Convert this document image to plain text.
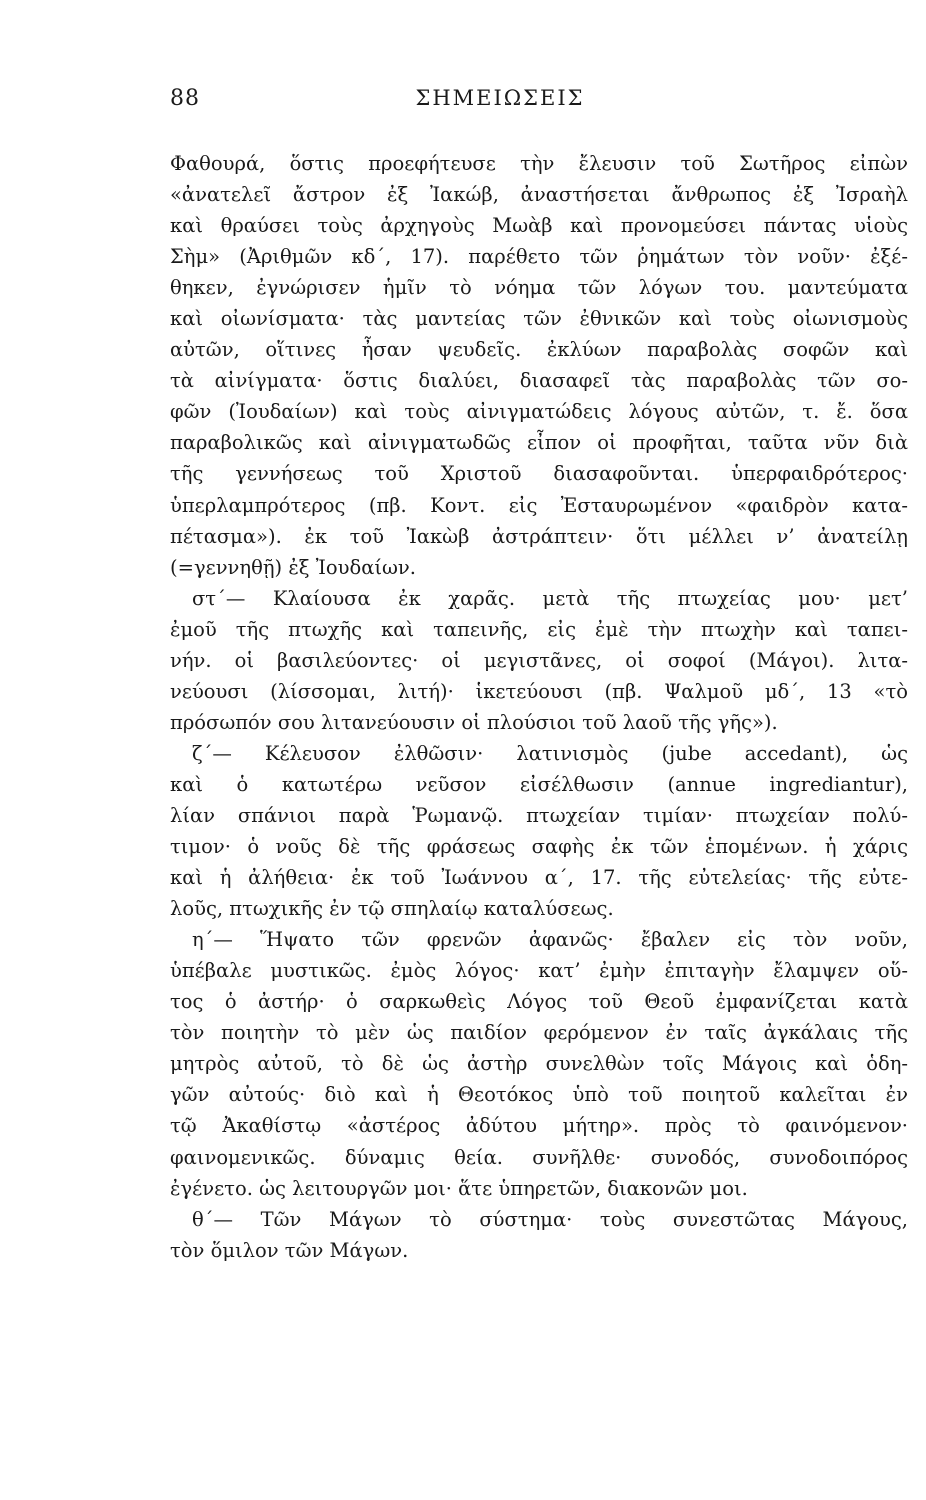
88	ΣΗΜΕΙΩΣΕΙΣ
Φαθουρά, ὅστις προεφήτευσε τὴν ἔλευσιν τοῦ Σωτῆρος εἰπὼν
«ἀνατελεῖ ἄστρον ἐξ Ἰακώβ, ἀναστήσεται ἄνθρωπος ἐξ Ἰσραὴλ
καὶ θραύσει τοὺς ἀρχηγοὺς Μωὰβ καὶ προνομεύσει πάντας υἱοὺς
Σὴμ» (Ἀριθμῶν κδ΄, 17). παρέθετο τῶν ῥημάτων τὸν νοῦν· ἐξέ-
θηκεν, ἐγνώρισεν ἡμῖν τὸ νόημα τῶν λόγων του. μαντεύματα
καὶ οἰωνίσματα· τὰς μαντείας τῶν ἐθνικῶν καὶ τοὺς οἰωνισμοὺς
αὐτῶν, οἵτινες ἦσαν ψευδεῖς. ἐκλύων παραβολὰς σοφῶν καὶ
τὰ αἰνίγματα· ὅστις διαλύει, διασαφεῖ τὰς παραβολὰς τῶν σο-
φῶν (Ἰουδαίων) καὶ τοὺς αἰνιγματώδεις λόγους αὐτῶν, τ. ἔ. ὅσα
παραβολικῶς καὶ αἰνιγματωδῶς εἶπον οἱ προφῆται, ταῦτα νῦν διὰ
τῆς γεννήσεως τοῦ Χριστοῦ διασαφοῦνται. ὑπερφαιδρότερος·
ὑπερλαμπρότερος (πβ. Κοντ. εἰς Ἐσταυρωμένον «φαιδρὸν κατα-
πέτασμα»). ἐκ τοῦ Ἰακὼβ ἀστράπτειν· ὅτι μέλλει ν’ ἀνατείλῃ
(=γεννηθῇ) ἐξ Ἰουδαίων.
στ΄— Κλαίουσα ἐκ χαρᾶς. μετὰ τῆς πτωχείας μου· μετ’
ἐμοῦ τῆς πτωχῆς καὶ ταπεινῆς, εἰς ἐμὲ τὴν πτωχὴν καὶ ταπει-
νήν. οἱ βασιλεύοντες· οἱ μεγιστᾶνες, οἱ σοφοί (Μάγοι). λιτα-
νεύουσι (λίσσομαι, λιτή)· ἱκετεύουσι (πβ. Ψαλμοῦ μδ΄, 13 «τὸ
πρόσωπόν σου λιτανεύουσιν οἱ πλούσιοι τοῦ λαοῦ τῆς γῆς»).
ζ΄— Κέλευσον ἐλθῶσιν· λατινισμὸς (jube accedant), ὡς
καὶ ὁ κατωτέρω νεῦσον εἰσέλθωσιν (annue ingrediantur),
λίαν σπάνιοι παρὰ Ῥωμανῷ. πτωχείαν τιμίαν· πτωχείαν πολύ-
τιμον· ὁ νοῦς δὲ τῆς φράσεως σαφὴς ἐκ τῶν ἑπομένων. ἡ χάρις
καὶ ἡ ἀλήθεια· ἐκ τοῦ Ἰωάννου α΄, 17. τῆς εὐτελείας· τῆς εὐτε-
λοῦς, πτωχικῆς ἐν τῷ σπηλαίῳ καταλύσεως.
η΄— Ἥψατο τῶν φρενῶν ἀφανῶς· ἔβαλεν εἰς τὸν νοῦν,
ὑπέβαλε μυστικῶς. ἐμὸς λόγος· κατ’ ἐμὴν ἐπιταγὴν ἔλαμψεν οὕ-
τος ὁ ἀστήρ· ὁ σαρκωθεὶς Λόγος τοῦ Θεοῦ ἐμφανίζεται κατὰ
τὸν ποιητὴν τὸ μὲν ὡς παιδίον φερόμενον ἐν ταῖς ἀγκάλαις τῆς
μητρὸς αὐτοῦ, τὸ δὲ ὡς ἀστὴρ συνελθὼν τοῖς Μάγοις καὶ ὁδη-
γῶν αὐτούς· διὸ καὶ ἡ Θεοτόκος ὑπὸ τοῦ ποιητοῦ καλεῖται ἐν
τῷ Ἀκαθίστῳ «ἀστέρος ἀδύτου μήτηρ». πρὸς τὸ φαινόμενον·
φαινομενικῶς. δύναμις θεία. συνῆλθε· συνοδός, συνοδοιπόρος
ἐγένετο. ὡς λειτουργῶν μοι· ἅτε ὑπηρετῶν, διακονῶν μοι.
θ΄— Τῶν Μάγων τὸ σύστημα· τοὺς συνεστῶτας Μάγους,
τὸν ὅμιλον τῶν Μάγων.
